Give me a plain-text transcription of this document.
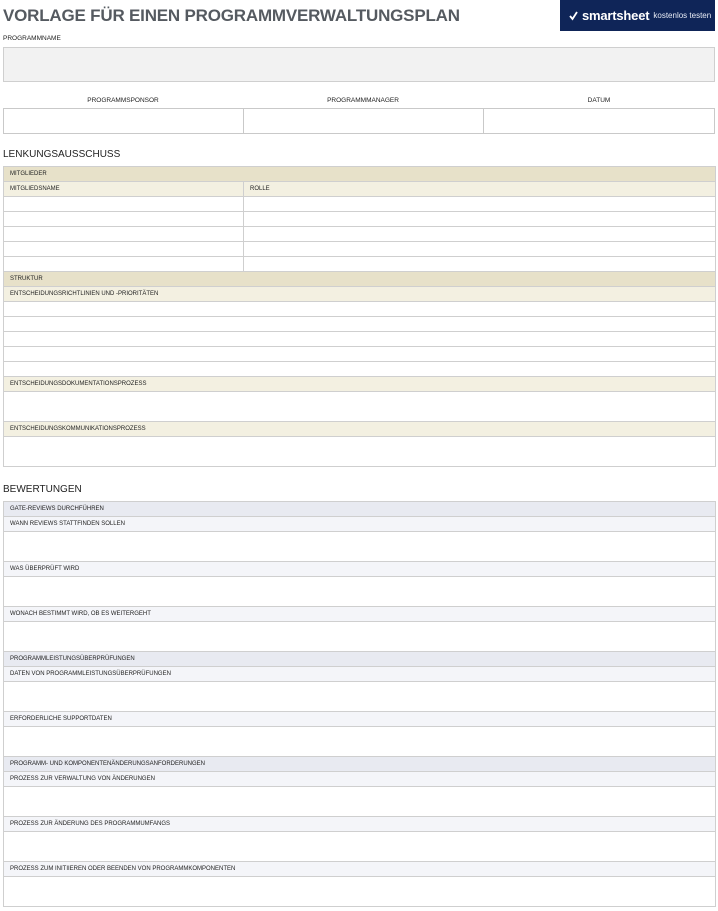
VORLAGE FÜR EINEN PROGRAMMVERWALTUNGSPLAN	smartsheet kostenlos testen
PROGRAMMNAME
PROGRAMMSPONSOR	PROGRAMMMANAGER	DATUM
LENKUNGSAUSSCHUSS
MITGLIEDER	
MITGLIEDSNAME	ROLLE

STRUKTUR	
ENTSCHEIDUNGSRICHTLINIEN UND -PRIORITÄTEN	

ENTSCHEIDUNGSDOKUMENTATIONSPROZESS	

ENTSCHEIDUNGSKOMMUNIKATIONSPROZESS	

BEWERTUNGEN
GATE-REVIEWS DURCHFÜHREN
WANN REVIEWS STATTFINDEN SOLLEN

WAS ÜBERPRÜFT WIRD

WONACH BESTIMMT WIRD, OB ES WEITERGEHT

PROGRAMMLEISTUNGSÜBERPRÜFUNGEN
DATEN VON PROGRAMMLEISTUNGSÜBERPRÜFUNGEN

ERFORDERLICHE SUPPORTDATEN

PROGRAMM- UND KOMPONENTENÄNDERUNGSANFORDERUNGEN
PROZESS ZUR VERWALTUNG VON ÄNDERUNGEN

PROZESS ZUR ÄNDERUNG DES PROGRAMMUMFANGS

PROZESS ZUM INITIIEREN ODER BEENDEN VON PROGRAMMKOMPONENTEN
